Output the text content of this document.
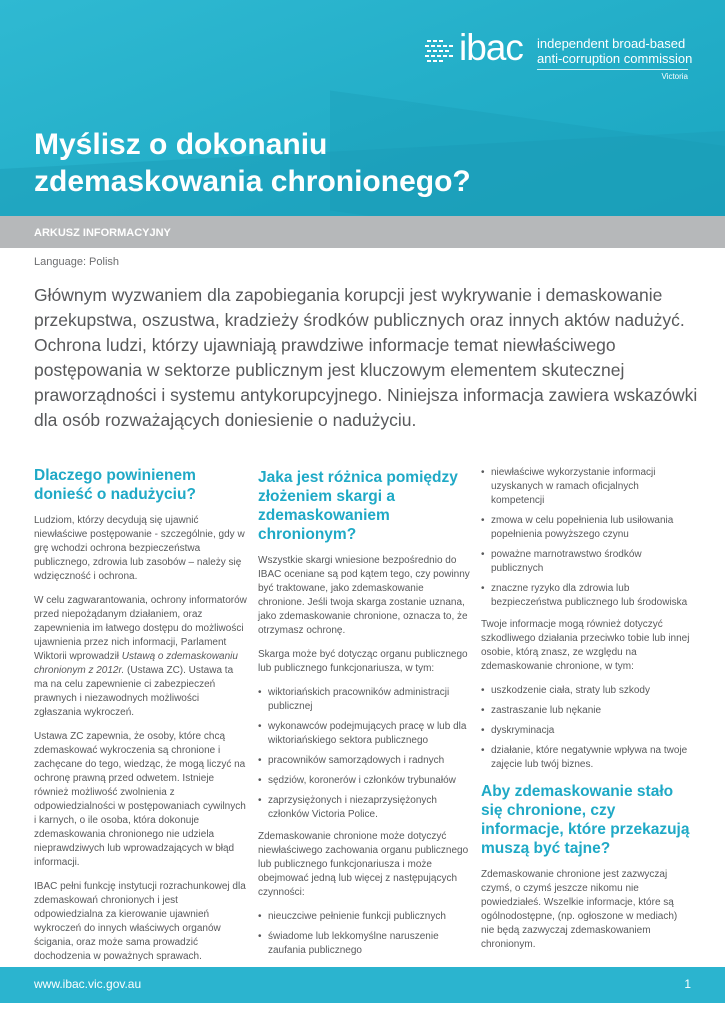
ibac independent broad-based
anti-corruption commission
Victoria
Myślisz o dokonaniu
zdemaskowania chronionego?
ARKUSZ INFORMACYJNY
Language: Polish

Głównym wyzwaniem dla zapobiegania korupcji jest wykrywanie i demaskowanie przekupstwa, oszustwa, kradzieży środków publicznych oraz innych aktów nadużyć. Ochrona ludzi, którzy ujawniają prawdziwe informacje temat niewłaściwego postępowania w sektorze publicznym jest kluczowym elementem skutecznej praworządności i systemu antykorupcyjnego. Niniejsza informacja zawiera wskazówki dla osób rozważających doniesienie o nadużyciu.

Dlaczego powinienem donieść o nadużyciu?

Ludziom, którzy decydują się ujawnić niewłaściwe postępowanie - szczególnie, gdy w grę wchodzi ochrona bezpieczeństwa publicznego, zdrowia lub zasobów – należy się wdzięczność i ochrona.

W celu zagwarantowania, ochrony informatorów przed niepożądanym działaniem, oraz zapewnienia im łatwego dostępu do możliwości ujawnienia przez nich informacji, Parlament Wiktorii wprowadził Ustawą o zdemaskowaniu chronionym z 2012r. (Ustawa ZC). Ustawa ta ma na celu zapewnienie ci zabezpieczeń prawnych i niezawodnych możliwości zgłaszania wykroczeń.

Ustawa ZC zapewnia, że osoby, które chcą zdemaskować wykroczenia są chronione i zachęcane do tego, wiedząc, że mogą liczyć na ochronę prawną przed odwetem. Istnieje również możliwość zwolnienia z odpowiedzialności w postępowaniach cywilnych i karnych, o ile osoba, która dokonuje zdemaskowania chronionego nie udziela nieprawdziwych lub wprowadzających w błąd informacji.

IBAC pełni funkcję instytucji rozrachunkowej dla zdemaskowań chronionych i jest odpowiedzialna za kierowanie ujawnień wykroczeń do innych właściwych organów ścigania, oraz może sama prowadzić dochodzenia w poważnych sprawach.

Jaka jest różnica pomiędzy złożeniem skargi a zdemaskowaniem chronionym?

Wszystkie skargi wniesione bezpośrednio do IBAC oceniane są pod kątem tego, czy powinny być traktowane, jako zdemaskowanie chronione. Jeśli twoja skarga zostanie uznana, jako zdemaskowanie chronione, oznacza to, że otrzymasz ochronę.

Skarga może być dotycząc organu publicznego lub publicznego funkcjonariusza, w tym:

• wiktoriańskich pracowników administracji publicznej
• wykonawców podejmujących pracę w lub dla wiktoriańskiego sektora publicznego
• pracowników samorządowych i radnych
• sędziów, koronerów i członków trybunałów
• zaprzysiężonych i niezaprzysiężonych członków Victoria Police.

Zdemaskowanie chronione może dotyczyć niewłaściwego zachowania organu publicznego lub publicznego funkcjonariusza i może obejmować jedną lub więcej z następujących czynności:

• nieuczciwe pełnienie funkcji publicznych
• świadome lub lekkomyślne naruszenie zaufania publicznego
• niewłaściwe wykorzystanie informacji uzyskanych w ramach oficjalnych kompetencji
• zmowa w celu popełnienia lub usiłowania popełnienia powyższego czynu
• poważne marnotrawstwo środków publicznych
• znaczne ryzyko dla zdrowia lub bezpieczeństwa publicznego lub środowiska

Twoje informacje mogą również dotyczyć szkodliwego działania przeciwko tobie lub innej osobie, którą znasz, ze względu na zdemaskowanie chronione, w tym:

• uszkodzenie ciała, straty lub szkody
• zastraszanie lub nękanie
• dyskryminacja
• działanie, które negatywnie wpływa na twoje zajęcie lub twój biznes.
Aby zdemaskowanie stało się chronione, czy informacje, które przekazują muszą być tajne?

Zdemaskowanie chronione jest zazwyczaj czymś, o czymś jeszcze nikomu nie powiedziałeś. Wszelkie informacje, które są ogólnodostępne, (np. ogłoszone w mediach) nie będą zazwyczaj zdemaskowaniem chronionym.

www.ibac.vic.gov.au	1
